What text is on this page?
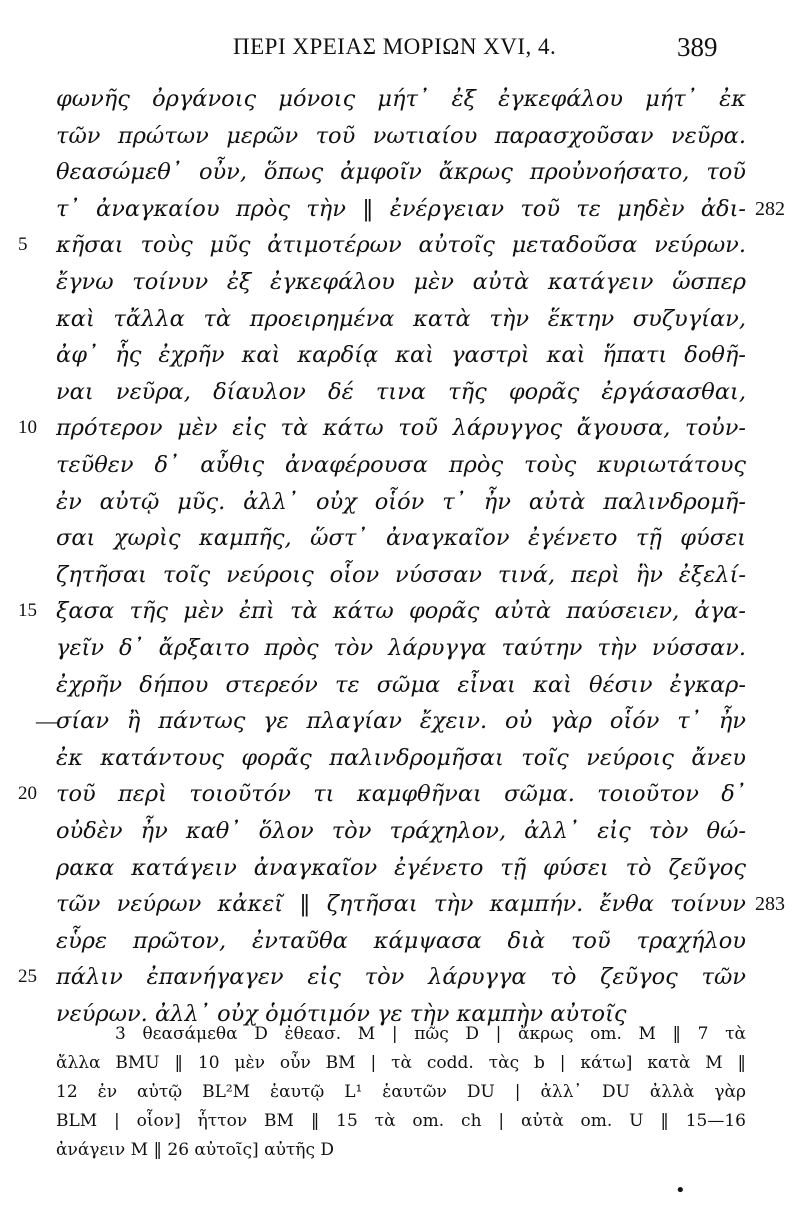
ΠΕΡΙ ΧΡΕΙΑΣ ΜΟΡΙΩΝ XVI, 4.	389
φωνῆς ὀργάνοις μόνοις μήτ᾽ ἐξ ἐγκεφάλου μήτ᾽ ἐκ
τῶν πρώτων μερῶν τοῦ νωτιαίου παρασχοῦσαν νεῦρα.
θεασώμεθ᾽ οὖν, ὅπως ἀμφοῖν ἄκρως προὐνοήσατο, τοῦ
τ᾽ ἀναγκαίου πρὸς τὴν ‖ ἐνέργειαν τοῦ τε μηδὲν ἀδι- 282
κῆσαι τοὺς μῦς ἀτιμοτέρων αὐτοῖς μεταδοῦσα νεύρων.
5
ἔγνω τοίνυν ἐξ ἐγκεφάλου μὲν αὐτὰ κατάγειν ὥσπερ
καὶ τἄλλα τὰ προειρημένα κατὰ τὴν ἕκτην συζυγίαν,
ἀφ᾽ ἧς ἐχρῆν καὶ καρδίᾳ καὶ γαστρὶ καὶ ἥπατι δοθῆ-
ναι νεῦρα, δίαυλον δέ τινα τῆς φορᾶς ἐργάσασθαι,
πρότερον μὲν εἰς τὰ κάτω τοῦ λάρυγγος ἄγουσα, τοὐν-
10
τεῦθεν δ᾽ αὖθις ἀναφέρουσα πρὸς τοὺς κυριωτάτους
ἐν αὐτῷ μῦς. ἀλλ᾽ οὐχ οἷόν τ᾽ ἦν αὐτὰ παλινδρομῆ-
σαι χωρὶς καμπῆς, ὥστ᾽ ἀναγκαῖον ἐγένετο τῇ φύσει
ζητῆσαι τοῖς νεύροις οἷον νύσσαν τινά, περὶ ἣν ἐξελί-
ξασα τῆς μὲν ἐπὶ τὰ κάτω φορᾶς αὐτὰ παύσειεν, ἀγα-
15
γεῖν δ᾽ ἄρξαιτο πρὸς τὸν λάρυγγα ταύτην τὴν νύσσαν.
ἐχρῆν δήπου στερεόν τε σῶμα εἶναι καὶ θέσιν ἐγκαρ-
σίαν ἢ πάντως γε πλαγίαν ἔχειν. οὐ γὰρ οἷόν τ᾽ ἦν
—
ἐκ κατάντους φορᾶς παλινδρομῆσαι τοῖς νεύροις ἄνευ
τοῦ περὶ τοιοῦτόν τι καμφθῆναι σῶμα. τοιοῦτον δ᾽
20
οὐδὲν ἦν καθ᾽ ὅλον τὸν τράχηλον, ἀλλ᾽ εἰς τὸν θώ-
ρακα κατάγειν ἀναγκαῖον ἐγένετο τῇ φύσει τὸ ζεῦγος
τῶν νεύρων κἀκεῖ ‖ ζητῆσαι τὴν καμπήν. ἔνθα τοίνυν 283
εὗρε πρῶτον, ἐνταῦθα κάμψασα διὰ τοῦ τραχήλου
πάλιν ἐπανήγαγεν εἰς τὸν λάρυγγα τὸ ζεῦγος τῶν
25
νεύρων. ἀλλ᾽ οὐχ ὁμότιμόν γε τὴν καμπὴν αὐτοῖς
3 θεασάμεθα D ἐθεασ. M | πῶς D | ἄκρως om. M ‖ 7 τὰ
ἄλλα BMU ‖ 10 μὲν οὖν BM | τὰ codd. τὰς b | κάτω] κατὰ M ‖
12 ἐν αὐτῷ BL²M ἑαυτῷ L¹ ἑαυτῶν DU | ἀλλ᾽ DU ἀλλὰ γὰρ
BLM | οἷον] ἧττον BM ‖ 15 τὰ om. ch | αὐτὰ om. U ‖ 15—16
ἀνάγειν M ‖ 26 αὐτοῖς] αὐτῆς D
•
